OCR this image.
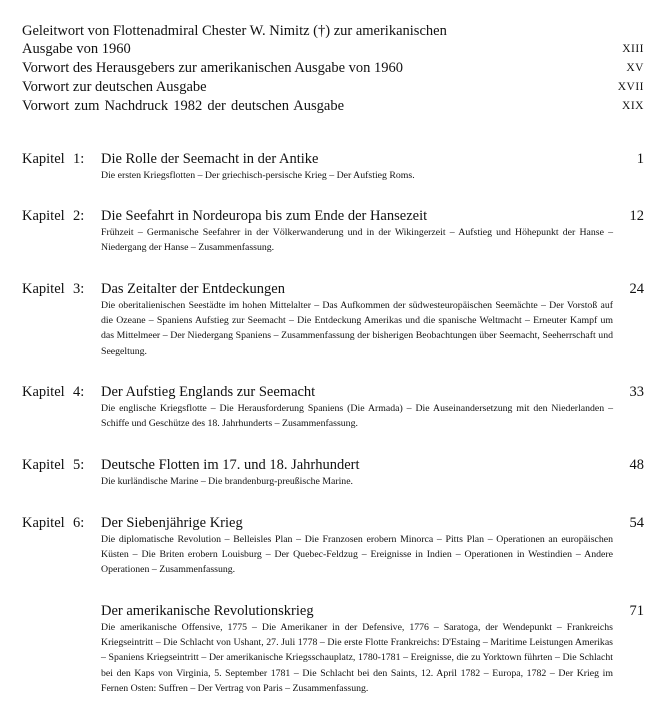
Geleitwort von Flottenadmiral Chester W. Nimitz (†) zur amerikanischen
Ausgabe von 1960	XIII
Vorwort des Herausgebers zur amerikanischen Ausgabe von 1960	XV
Vorwort zur deutschen Ausgabe	XVII
Vorwort zum Nachdruck 1982 der deutschen Ausgabe	XIX
Kapitel 1: Die Rolle der Seemacht in der Antike	1

Die ersten Kriegsflotten – Der griechisch-persische Krieg – Der Aufstieg Roms.

Kapitel 2: Die Seefahrt in Nordeuropa bis zum Ende der Hansezeit	12

Frühzeit – Germanische Seefahrer in der Völkerwanderung und in der Wikingerzeit – Aufstieg und Höhepunkt der Hanse – Niedergang der Hanse – Zusammenfassung.

Kapitel 3: Das Zeitalter der Entdeckungen	24

Die oberitalienischen Seestädte im hohen Mittelalter – Das Aufkommen der südwesteuropäischen Seemächte – Der Vorstoß auf die Ozeane – Spaniens Aufstieg zur Seemacht – Die Entdeckung Amerikas und die spanische Weltmacht – Erneuter Kampf um das Mittelmeer – Der Niedergang Spaniens – Zusammenfassung der bisherigen Beobachtungen über Seemacht, Seeherrschaft und Seegeltung.

Kapitel 4: Der Aufstieg Englands zur Seemacht	33

Die englische Kriegsflotte – Die Herausforderung Spaniens (Die Armada) – Die Auseinandersetzung mit den Niederlanden – Schiffe und Geschütze des 18. Jahrhunderts – Zusammenfassung.

Kapitel 5: Deutsche Flotten im 17. und 18. Jahrhundert	48

Die kurländische Marine – Die brandenburg-preußische Marine.

Kapitel 6: Der Siebenjährige Krieg	54

Die diplomatische Revolution – Belleisles Plan – Die Franzosen erobern Minorca – Pitts Plan – Operationen an europäischen Küsten – Die Briten erobern Louisburg – Der Quebec-Feldzug – Ereignisse in Indien – Operationen in Westindien – Andere Operationen – Zusammenfassung.

Der amerikanische Revolutionskrieg	71

Die amerikanische Offensive, 1775 – Die Amerikaner in der Defensive, 1776 – Saratoga, der Wendepunkt – Frankreichs Kriegseintritt – Die Schlacht von Ushant, 27. Juli 1778 – Die erste Flotte Frankreichs: D'Estaing – Maritime Leistungen Amerikas – Spaniens Kriegseintritt – Der amerikanische Kriegsschauplatz, 1780-1781 – Ereignisse, die zu Yorktown führten – Die Schlacht bei den Kaps von Virginia, 5. September 1781 – Die Schlacht bei den Saints, 12. April 1782 – Europa, 1782 – Der Krieg im Fernen Osten: Suffren – Der Vertrag von Paris – Zusammenfassung.
